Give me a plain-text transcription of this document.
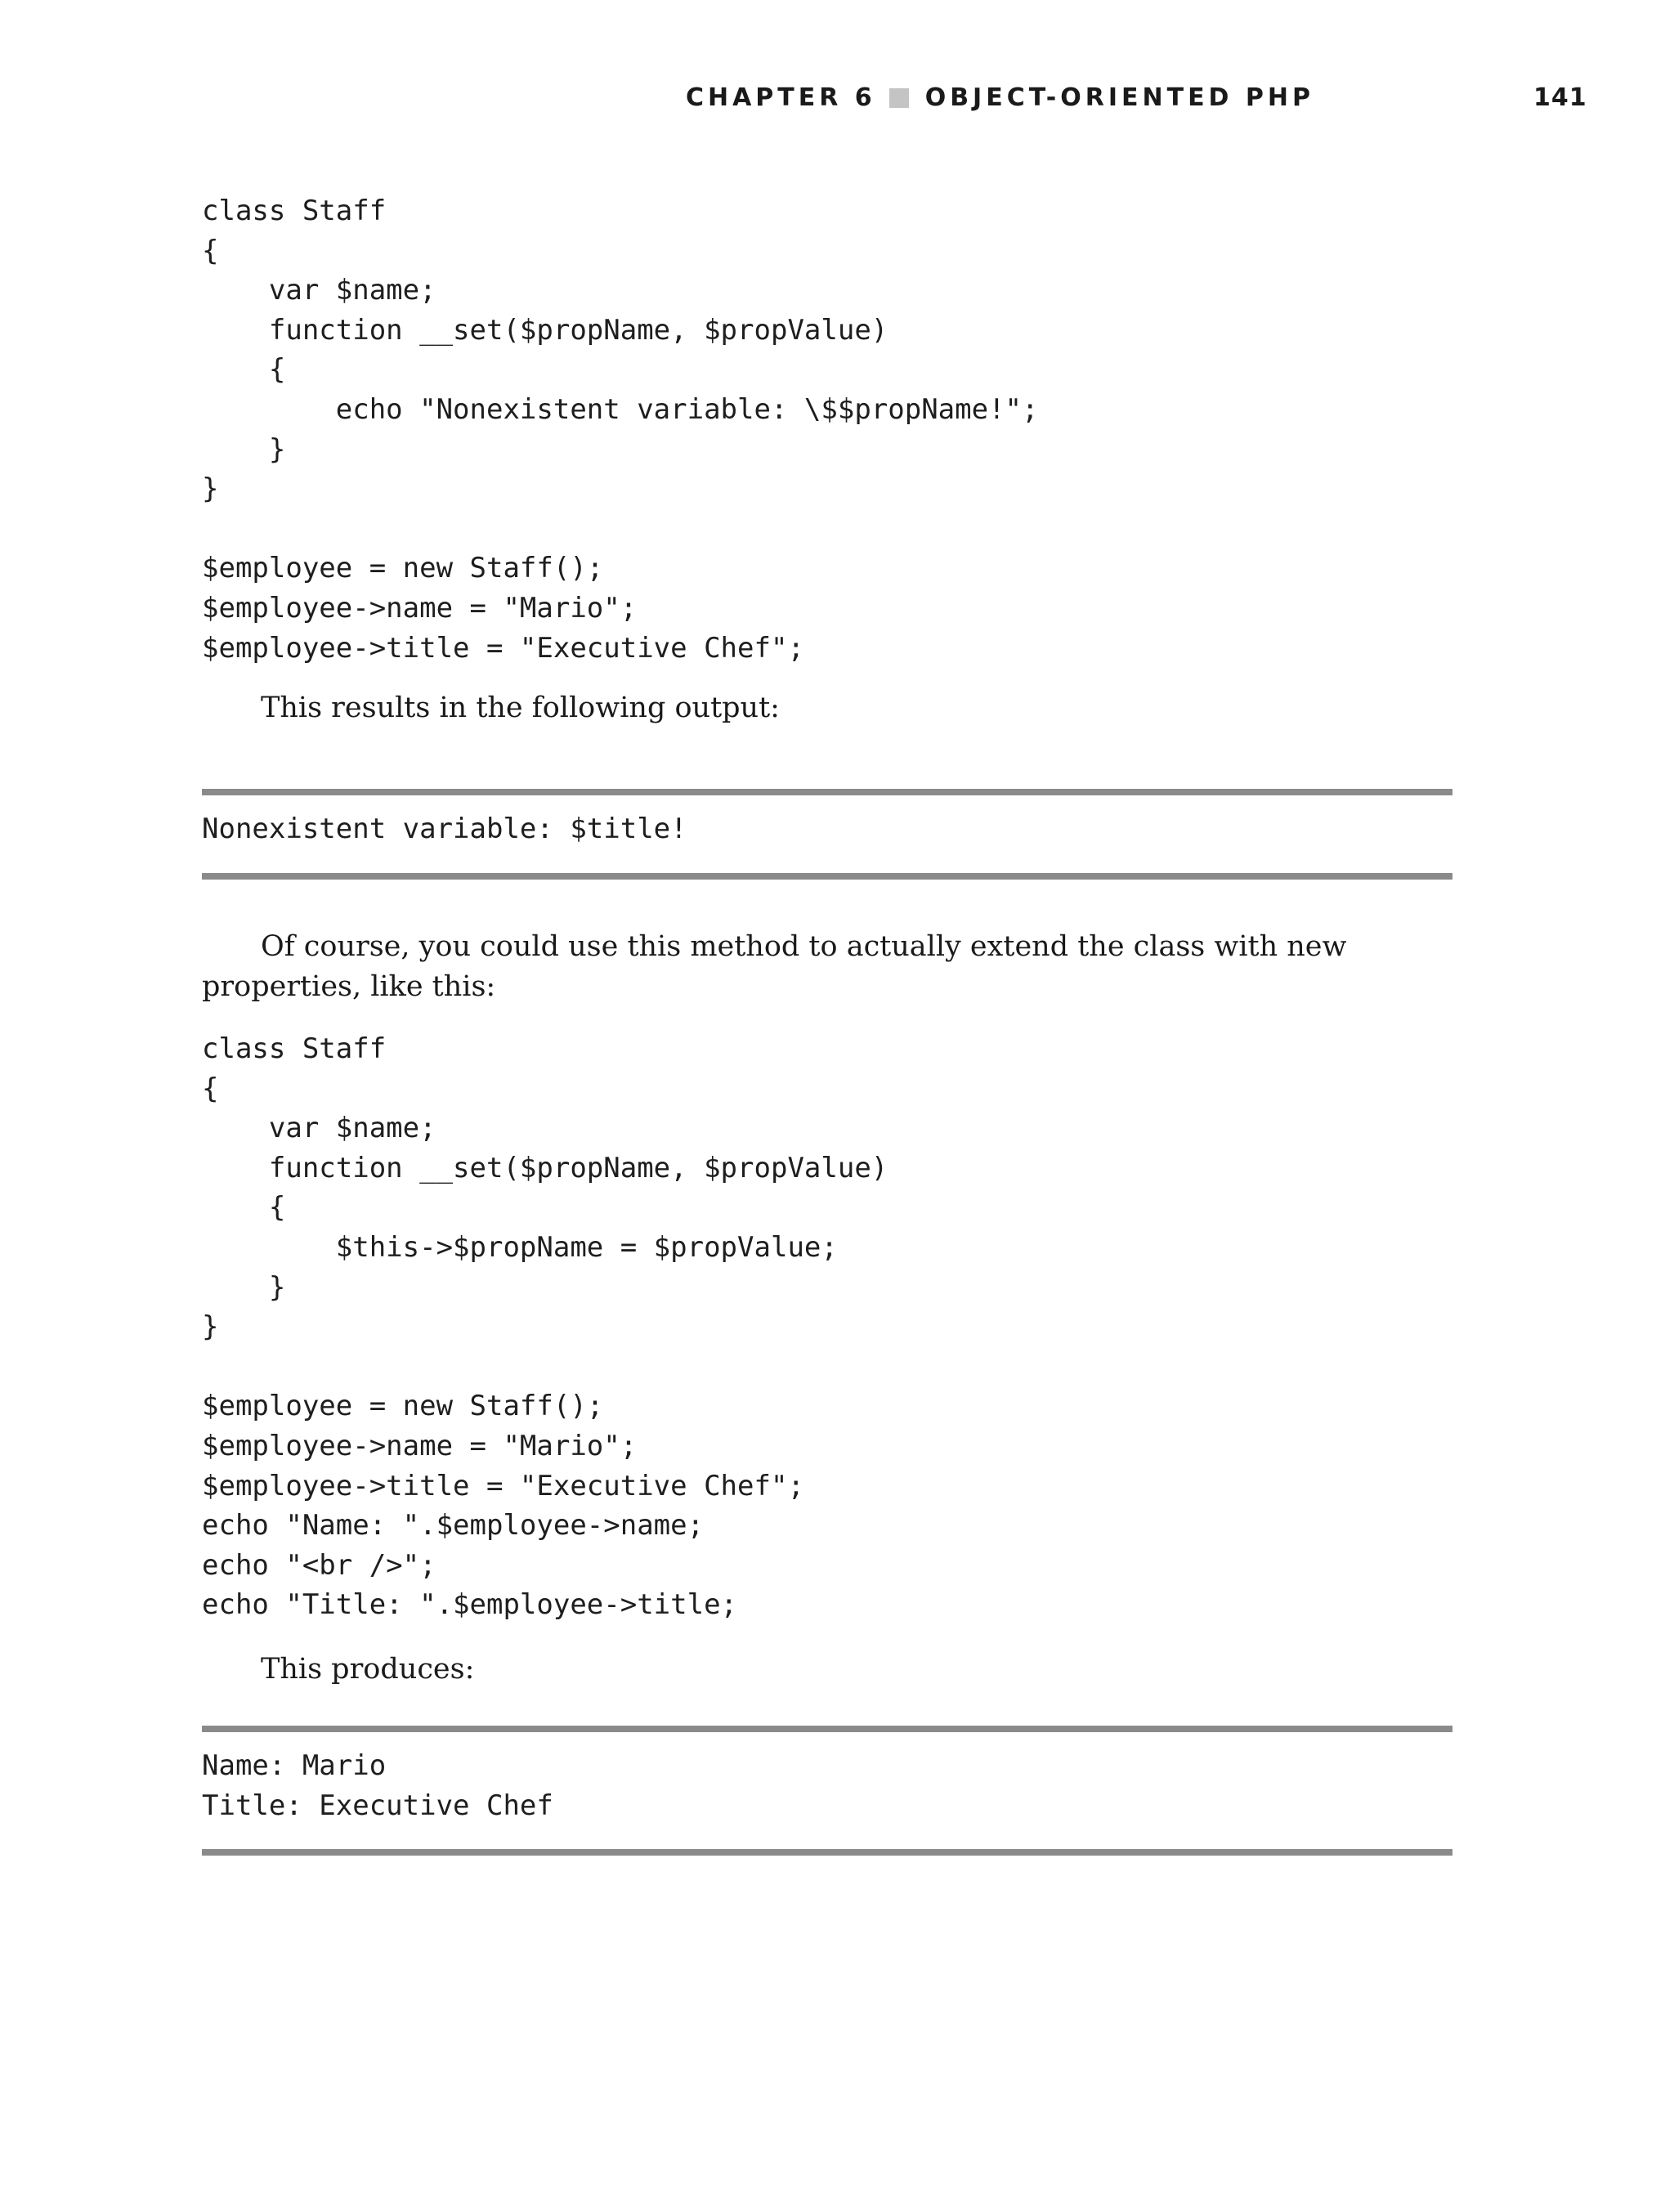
CHAPTER 6 OBJECT-ORIENTED PHP	141
class Staff
{
var $name;
function __set($propName, $propValue)
{
echo "Nonexistent variable: \$$propName!";
}
}

$employee = new Staff();
$employee->name = "Mario";
$employee->title = "Executive Chef";

This results in the following output:

Nonexistent variable: $title!

Of course, you could use this method to actually extend the class with new properties, like this:

class Staff
{
var $name;
function __set($propName, $propValue)
{
$this->$propName = $propValue;
}
}

$employee = new Staff();
$employee->name = "Mario";
$employee->title = "Executive Chef";
echo "Name: ".$employee->name;
echo "<br />";
echo "Title: ".$employee->title;

This produces:

Name: Mario
Title: Executive Chef
